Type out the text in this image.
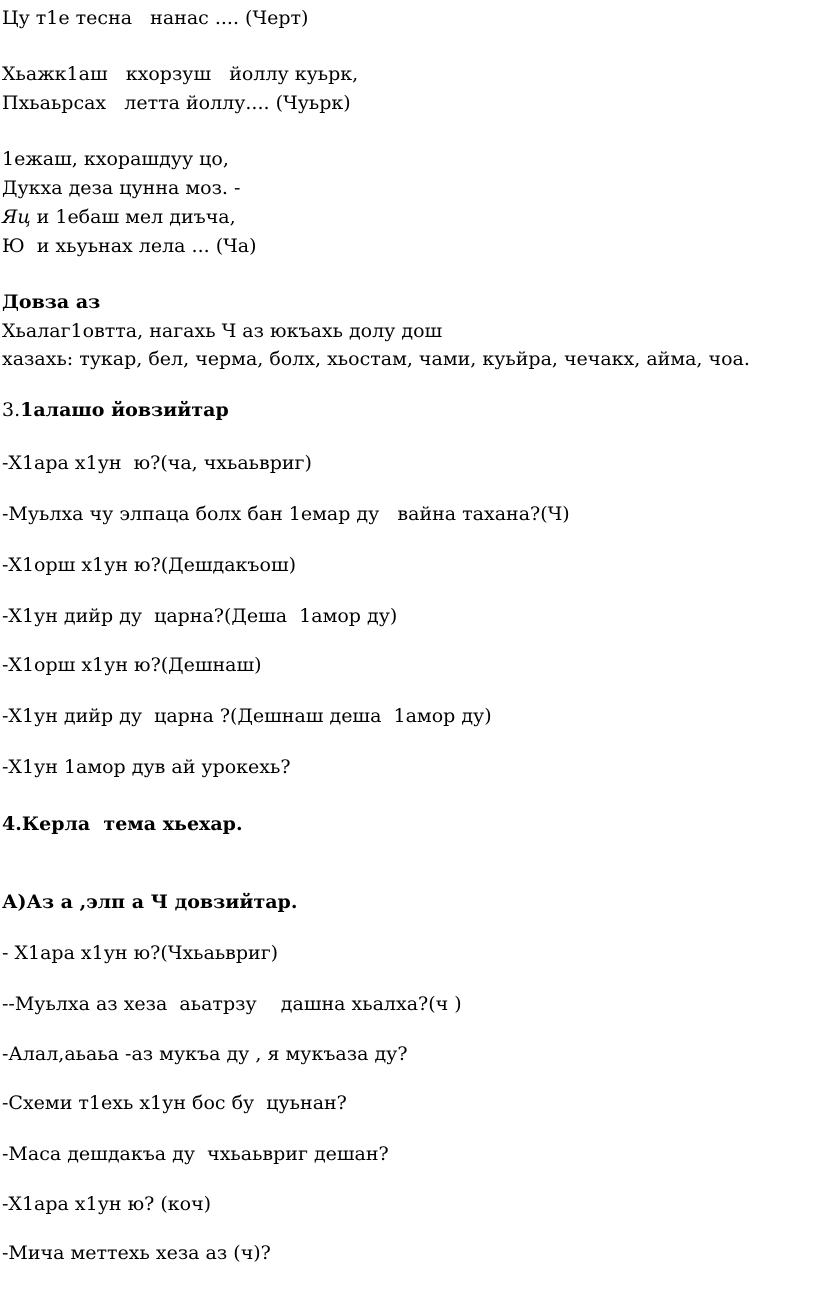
Цу т1е тесна   нанас .... (Черт)
Хьажк1аш   кхорзуш   йоллу куьрк,
Пхьаьрсах   летта йоллу.... (Чуьрк)
1ежаш, кхорашдуу цо,
Дукха деза цунна моз. -
Яц и 1ебаш мел диъча,
Ю  и хьуьнах лела ... (Ча)
Довза аз
Хьалаг1овтта, нагахь Ч аз юкъахь долу дош
хазахь: тукар, бел, черма, болх, хьостам, чами, куьйра, чечакх, айма, чоа.
3.1алашо йовзийтар
-Х1ара х1ун  ю?(ча, чхьаьвриг)
-Муьлха чу элпаца болх бан 1емар ду   вайна тахана?(Ч)
-Х1орш х1ун ю?(Дешдакъош)
-Х1ун дийр ду  царна?(Деша  1амор ду)
-Х1орш х1ун ю?(Дешнаш)
-Х1ун дийр ду  царна ?(Дешнаш деша  1амор ду)
-Х1ун 1амор дув ай урокехь?
4.Керла  тема хьехар.
А)Аз а ,элп а Ч довзийтар.
- Х1ара х1ун ю?(Чхьаьвриг)
--Муьлха аз хеза  аьатрзу    дашна хьалха?(ч )
-Алал,аьаьа -аз мукъа ду , я мукъаза ду?
-Схеми т1ехь х1ун бос бу  цуьнан?
-Маса дешдакъа ду  чхьаьвриг дешан?
-Х1ара х1ун ю? (коч)
-Мича меттехь хеза аз (ч)?
